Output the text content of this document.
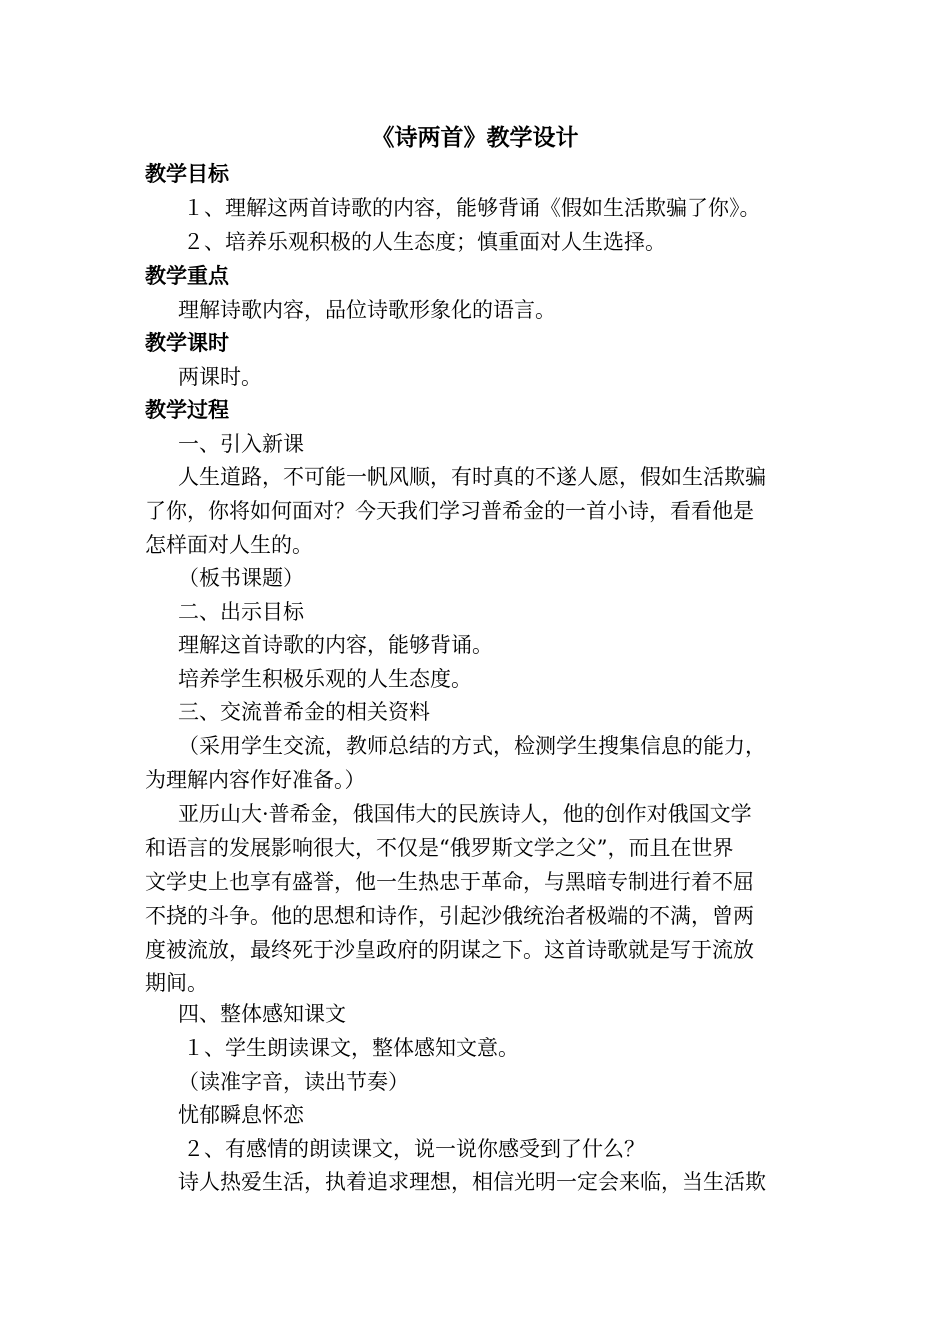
《诗两首》教学设计
教学目标
１、理解这两首诗歌的内容，能够背诵《假如生活欺骗了你》。
２、培养乐观积极的人生态度；慎重面对人生选择。
教学重点
理解诗歌内容，品位诗歌形象化的语言。
教学课时
两课时。
教学过程
一、引入新课
人生道路，不可能一帆风顺，有时真的不遂人愿，假如生活欺骗
了你，你将如何面对？今天我们学习普希金的一首小诗，看看他是
怎样面对人生的。
（板书课题）
二、出示目标
理解这首诗歌的内容，能够背诵。
培养学生积极乐观的人生态度。
三、交流普希金的相关资料
（采用学生交流，教师总结的方式，检测学生搜集信息的能力，
为理解内容作好准备。）
亚历山大·普希金，俄国伟大的民族诗人，他的创作对俄国文学
和语言的发展影响很大，不仅是“俄罗斯文学之父”，而且在世界
文学史上也享有盛誉，他一生热忠于革命，与黑暗专制进行着不屈
不挠的斗争。他的思想和诗作，引起沙俄统治者极端的不满，曾两
度被流放，最终死于沙皇政府的阴谋之下。这首诗歌就是写于流放
期间。
四、整体感知课文
１、学生朗读课文，整体感知文意。
（读准字音，读出节奏）
忧郁瞬息怀恋
２、有感情的朗读课文，说一说你感受到了什么？
诗人热爱生活，执着追求理想，相信光明一定会来临，当生活欺
